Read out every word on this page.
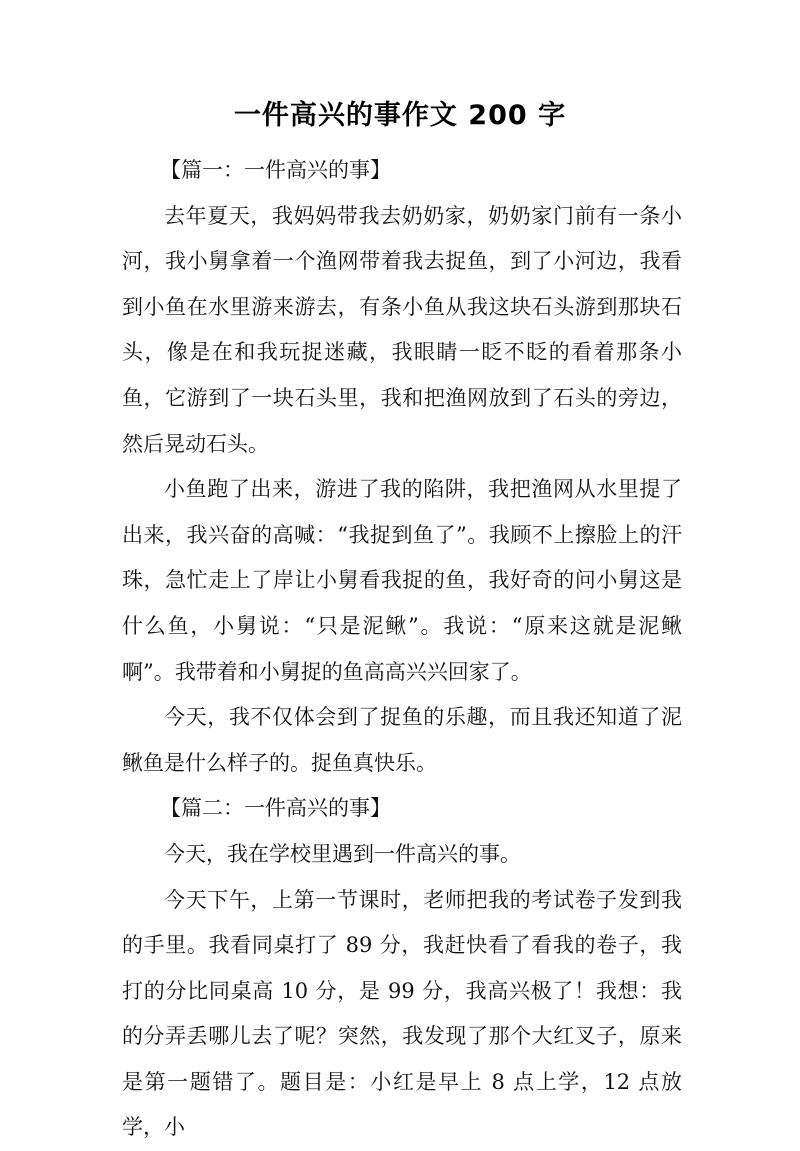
一件高兴的事作文 200 字

【篇一：一件高兴的事】

去年夏天，我妈妈带我去奶奶家，奶奶家门前有一条小河，我小舅拿着一个渔网带着我去捉鱼，到了小河边，我看到小鱼在水里游来游去，有条小鱼从我这块石头游到那块石头，像是在和我玩捉迷藏，我眼睛一眨不眨的看着那条小鱼，它游到了一块石头里，我和把渔网放到了石头的旁边，然后晃动石头。

小鱼跑了出来，游进了我的陷阱，我把渔网从水里提了出来，我兴奋的高喊：“我捉到鱼了”。我顾不上擦脸上的汗珠，急忙走上了岸让小舅看我捉的鱼，我好奇的问小舅这是什么鱼，小舅说：“只是泥鳅”。我说：“原来这就是泥鳅啊”。我带着和小舅捉的鱼高高兴兴回家了。

今天，我不仅体会到了捉鱼的乐趣，而且我还知道了泥鳅鱼是什么样子的。捉鱼真快乐。

【篇二：一件高兴的事】

今天，我在学校里遇到一件高兴的事。

今天下午，上第一节课时，老师把我的考试卷子发到我的手里。我看同桌打了 89 分，我赶快看了看我的卷子，我打的分比同桌高 10 分，是 99 分，我高兴极了！我想：我的分弄丢哪儿去了呢？突然，我发现了那个大红叉子，原来是第一题错了。题目是：小红是早上 8 点上学，12 点放学，小
